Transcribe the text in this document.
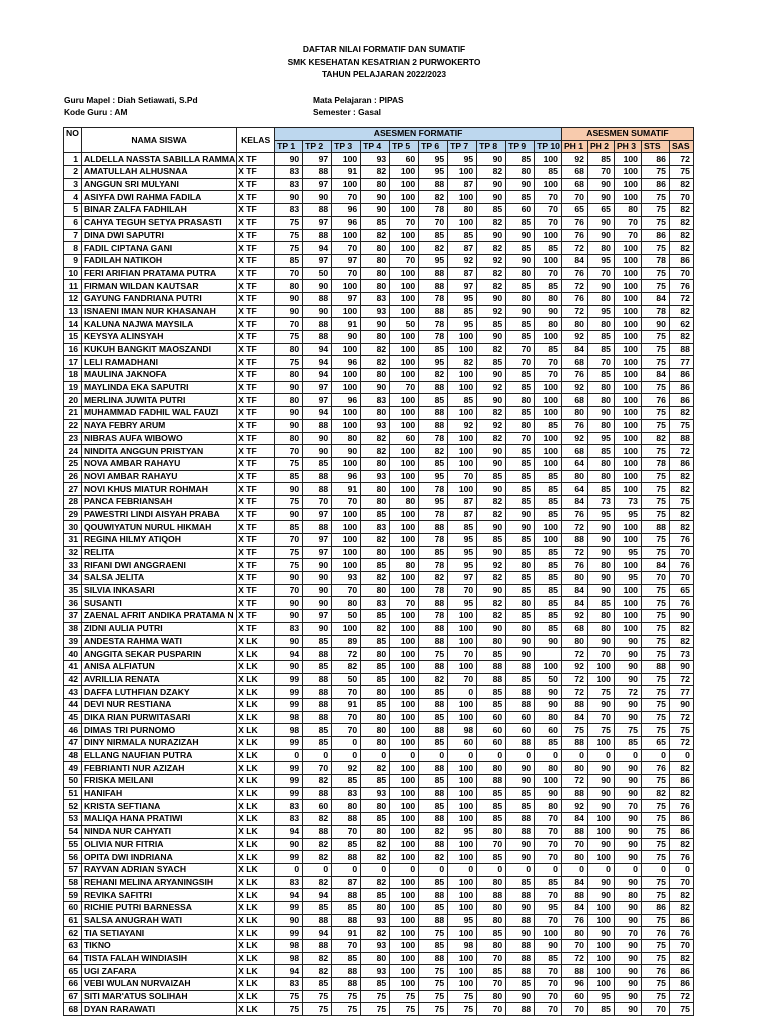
DAFTAR NILAI FORMATIF DAN SUMATIF
SMK KESEHATAN KESATRIAN 2 PURWOKERTO
TAHUN PELAJARAN 2022/2023
Guru Mapel : Diah Setiawati, S.Pd
Kode Guru : AM
Mata Pelajaran : PIPAS
Semester : Gasal
NO	NAMA SISWA	KELAS	ASESMEN FORMATIF										ASESMEN SUMATIF				
			TP 1	TP 2	TP 3	TP 4	TP 5	TP 6	TP 7	TP 8	TP 9	TP 10	PH 1	PH 2	PH 3	STS	SAS
1	ALDELLA NASSTA SABILLA RAMMA	X TF	90	97	100	93	60	95	95	90	85	100	92	85	100	86	72
2	AMATULLAH ALHUSNAA	X TF	83	88	91	82	100	95	100	82	80	85	68	70	100	75	75
3	ANGGUN SRI MULYANI	X TF	83	97	100	80	100	88	87	90	90	100	68	90	100	86	82
4	ASIYFA DWI RAHMA FADILA	X TF	90	90	70	90	100	82	100	90	85	70	70	90	100	75	70
5	BINAR ZALFA FADHILAH	X TF	83	88	96	90	100	78	80	85	60	70	65	65	80	75	82
6	CAHYA TEGUH SETYA PRASASTI	X TF	75	97	96	85	70	70	100	82	85	70	76	90	70	75	82
7	DINA DWI SAPUTRI	X TF	75	88	100	82	100	85	85	90	90	100	76	90	70	86	82
8	FADIL CIPTANA GANI	X TF	75	94	70	80	100	82	87	82	85	85	72	80	100	75	82
9	FADILAH NATIKOH	X TF	85	97	97	80	70	95	92	92	90	100	84	95	100	78	86
10	FERI ARIFIAN PRATAMA PUTRA	X TF	70	50	70	80	100	88	87	82	80	70	76	70	100	75	70
11	FIRMAN WILDAN KAUTSAR	X TF	80	90	100	80	100	88	97	82	85	85	72	90	100	75	76
12	GAYUNG FANDRIANA PUTRI	X TF	90	88	97	83	100	78	95	90	80	80	76	80	100	84	72
13	ISNAENI IMAN NUR KHASANAH	X TF	90	90	100	93	100	88	85	92	90	90	72	95	100	78	82
14	KALUNA NAJWA MAYSILA	X TF	70	88	91	90	50	78	95	85	85	80	80	80	100	90	62
15	KEYSYA ALINSYAH	X TF	75	88	90	80	100	78	100	90	85	100	92	85	100	75	82
16	KUKUH BANGKIT MAOSZANDI	X TF	80	94	100	82	100	85	100	82	70	85	84	85	100	75	88
17	LELI RAMADHANI	X TF	75	94	96	82	100	95	82	85	70	70	68	70	100	75	77
18	MAULINA JAKNOFA	X TF	80	94	100	80	100	82	100	90	85	70	76	85	100	84	86
19	MAYLINDA EKA SAPUTRI	X TF	90	97	100	90	70	88	100	92	85	100	92	80	100	75	86
20	MERLINA JUWITA PUTRI	X TF	80	97	96	83	100	85	85	90	80	100	68	80	100	76	86
21	MUHAMMAD FADHIL WAL FAUZI	X TF	90	94	100	80	100	88	100	82	85	100	80	90	100	75	82
22	NAYA FEBRY ARUM	X TF	90	88	100	93	100	88	92	92	80	85	76	80	100	75	75
23	NIBRAS AUFA WIBOWO	X TF	80	90	80	82	60	78	100	82	70	100	92	95	100	82	88
24	NINDITA ANGGUN PRISTYAN	X TF	70	90	90	82	100	82	100	90	85	100	68	85	100	75	72
25	NOVA AMBAR RAHAYU	X TF	75	85	100	80	100	85	100	90	85	100	64	80	100	78	86
26	NOVI AMBAR RAHAYU	X TF	85	88	96	93	100	95	70	85	85	85	80	80	100	75	82
27	NOVI KHUS MIATUR ROHMAH	X TF	90	88	91	80	100	78	100	90	85	85	64	85	100	75	82
28	PANCA FEBRIANSAH	X TF	75	70	70	80	80	95	87	82	85	85	84	73	73	75	75
29	PAWESTRI LINDI AISYAH PRABA	X TF	90	97	100	85	100	78	87	82	90	85	76	95	95	75	82
30	QOUWIYATUN NURUL HIKMAH	X TF	85	88	100	83	100	88	85	90	90	100	72	90	100	88	82
31	REGINA HILMY ATIQOH	X TF	70	97	100	82	100	78	95	85	85	100	88	90	100	75	76
32	RELITA	X TF	75	97	100	80	100	85	95	90	85	85	72	90	95	75	70
33	RIFANI DWI ANGGRAENI	X TF	75	90	100	85	80	78	95	92	80	85	76	80	100	84	76
34	SALSA JELITA	X TF	90	90	93	82	100	82	97	82	85	85	80	90	95	70	70
35	SILVIA INKASARI	X TF	70	90	70	80	100	78	70	90	85	85	84	90	100	75	65
36	SUSANTI	X TF	90	90	80	83	70	88	95	82	80	85	84	85	100	75	76
37	ZAENAL AFRIT ANDIKA PRATAMA N	X TF	90	97	50	85	100	78	100	82	85	85	92	80	100	75	90
38	ZIDNI AULIA PUTRI	X TF	83	90	100	82	100	88	100	90	80	85	68	80	100	75	82
39	ANDESTA RAHMA WATI	X LK	90	85	89	85	100	88	100	80	90	90	80	90	90	75	82
40	ANGGITA SEKAR PUSPARIN	X LK	94	88	72	80	100	75	70	85	90		72	70	90	75	73
41	ANISA ALFIATUN	X LK	90	85	82	85	100	88	100	88	88	100	92	100	90	88	90
42	AVRILLIA RENATA	X LK	99	88	50	85	100	82	70	88	85	50	72	100	90	75	72
43	DAFFA LUTHFIAN DZAKY	X LK	99	88	70	80	100	85	0	85	88	90	72	75	72	75	77
44	DEVI NUR RESTIANA	X LK	99	88	91	85	100	88	100	85	88	90	88	90	90	75	90
45	DIKA RIAN PURWITASARI	X LK	98	88	70	80	100	85	100	60	60	80	84	70	90	75	72
46	DIMAS TRI PURNOMO	X LK	98	85	70	80	100	88	98	60	60	60	75	75	75	75	75
47	DINY NIRMALA NURAZIZAH	X LK	99	85	0	80	100	85	60	60	88	85	88	100	85	65	72
48	ELLANG NAUFIAN PUTRA	X LK	0	0	0	0	0	0	0	0	0	0	0	0	0	0	0
49	FEBRIANTI NUR AZIZAH	X LK	99	70	92	82	100	88	100	80	90	80	80	90	90	76	82
50	FRISKA MEILANI	X LK	99	82	85	85	100	85	100	88	90	100	72	90	90	75	86
51	HANIFAH	X LK	99	88	83	93	100	88	100	85	85	90	88	90	90	82	82
52	KRISTA SEFTIANA	X LK	83	60	80	80	100	85	100	85	85	80	92	90	70	75	76
53	MALIQA HANA PRATIWI	X LK	83	82	88	85	100	88	100	85	88	70	84	100	90	75	86
54	NINDA NUR CAHYATI	X LK	94	88	70	80	100	82	95	80	88	70	88	100	90	75	86
55	OLIVIA NUR FITRIA	X LK	90	82	85	82	100	88	100	70	90	70	70	90	90	75	82
56	OPITA DWI INDRIANA	X LK	99	82	88	82	100	82	100	85	90	70	80	100	90	75	76
57	RAYVAN ADRIAN SYACH	X LK	0	0	0	0	0	0	0	0	0	0	0	0	0	0	0
58	REHANI MELINA ARYANINGSIH	X LK	83	82	87	82	100	85	100	80	85	85	84	90	90	75	70
59	REVIKA SAFITRI	X LK	94	94	88	85	100	88	100	88	88	70	88	90	80	75	82
60	RICHIE PUTRI BARNESSA	X LK	99	85	85	80	100	85	100	80	90	95	84	100	90	86	82
61	SALSA ANUGRAH WATI	X LK	90	88	88	93	100	88	95	80	88	70	76	100	90	75	86
62	TIA SETIAYANI	X LK	99	94	91	82	100	75	100	85	90	100	80	90	70	76	76
63	TIKNO	X LK	98	88	70	93	100	85	98	80	88	90	70	100	90	75	70
64	TISTA FALAH WINDIASIH	X LK	98	82	85	80	100	88	100	70	88	85	72	100	90	75	82
65	UGI ZAFARA	X LK	94	82	88	93	100	75	100	85	88	70	88	100	90	76	86
66	VEBI WULAN NURVAIZAH	X LK	83	85	88	85	100	75	100	70	85	70	96	100	90	75	86
67	SITI MAR'ATUS SOLIHAH	X LK	75	75	75	75	75	75	75	80	90	70	60	95	90	75	72
68	DYAN RARAWATI	X LK	75	75	75	75	75	75	75	70	88	70	70	85	90	70	75
